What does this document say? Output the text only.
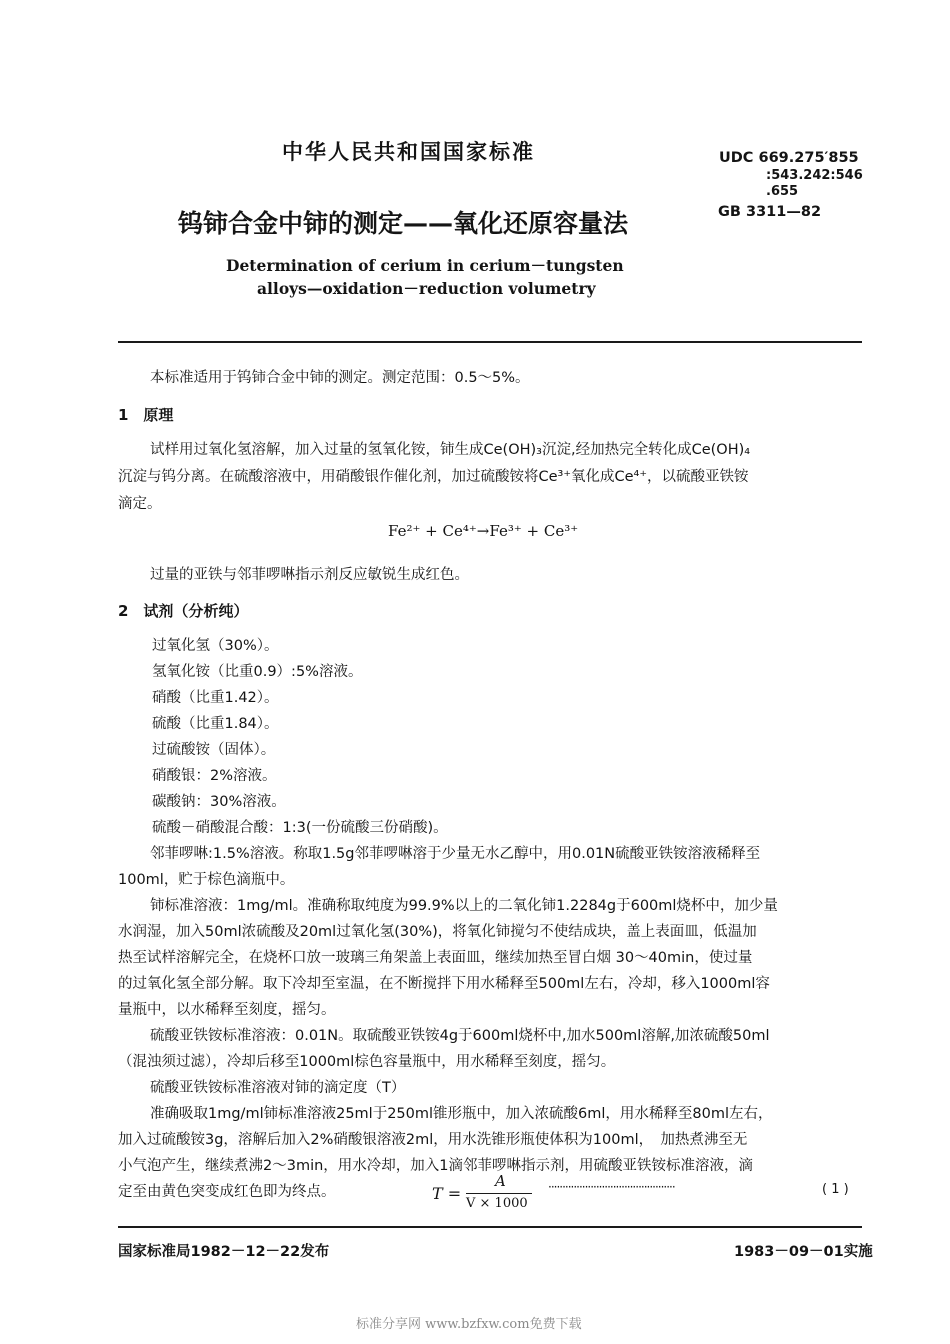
中华人民共和国国家标准	UDC 669.275′855
:543.242:546
.655
GB 3311—82
钨铈合金中铈的测定——氧化还原容量法
Determination of cerium in cerium－tungsten
alloys—oxidation－reduction volumetry
本标准适用于钨铈合金中铈的测定。测定范围：0.5～5%。
1　原理
试样用过氧化氢溶解，加入过量的氢氧化铵，铈生成Ce(OH)₃沉淀,经加热完全转化成Ce(OH)₄
沉淀与钨分离。在硫酸溶液中，用硝酸银作催化剂，加过硫酸铵将Ce³⁺氧化成Ce⁴⁺，以硫酸亚铁铵
滴定。
Fe²⁺ + Ce⁴⁺→Fe³⁺ + Ce³⁺
过量的亚铁与邻菲啰啉指示剂反应敏锐生成红色。
2　试剂（分析纯）
过氧化氢（30%）。
氢氧化铵（比重0.9）:5%溶液。
硝酸（比重1.42）。
硫酸（比重1.84）。
过硫酸铵（固体）。
硝酸银：2%溶液。
碳酸钠：30%溶液。
硫酸－硝酸混合酸：1:3(一份硫酸三份硝酸)。
邻菲啰啉:1.5%溶液。称取1.5g邻菲啰啉溶于少量无水乙醇中，用0.01N硫酸亚铁铵溶液稀释至
100ml，贮于棕色滴瓶中。
铈标准溶液：1mg/ml。准确称取纯度为99.9%以上的二氧化铈1.2284g于600ml烧杯中，加少量
水润湿，加入50ml浓硫酸及20ml过氧化氢(30%)，将氧化铈搅匀不使结成块，盖上表面皿，低温加
热至试样溶解完全，在烧杯口放一玻璃三角架盖上表面皿，继续加热至冒白烟 30～40min，使过量
的过氧化氢全部分解。取下冷却至室温，在不断搅拌下用水稀释至500ml左右，冷却，移入1000ml容
量瓶中，以水稀释至刻度，摇匀。
硫酸亚铁铵标准溶液：0.01N。取硫酸亚铁铵4g于600ml烧杯中,加水500ml溶解,加浓硫酸50ml
（混浊须过滤），冷却后移至1000ml棕色容量瓶中，用水稀释至刻度，摇匀。
硫酸亚铁铵标准溶液对铈的滴定度（T）
准确吸取1mg/ml铈标准溶液25ml于250ml锥形瓶中，加入浓硫酸6ml，用水稀释至80ml左右，
加入过硫酸铵3g，溶解后加入2%硝酸银溶液2ml，用水洗锥形瓶使体积为100ml，　加热煮沸至无
小气泡产生，继续煮沸2～3min，用水冷却，加入1滴邻菲啰啉指示剂，用硫酸亚铁铵标准溶液，滴
定至由黄色突变成红色即为终点。	T =
A
V × 1000
·············································	( 1 )
国家标准局1982－12－22发布	1983－09－01实施
标准分享网 www.bzfxw.com免费下载
